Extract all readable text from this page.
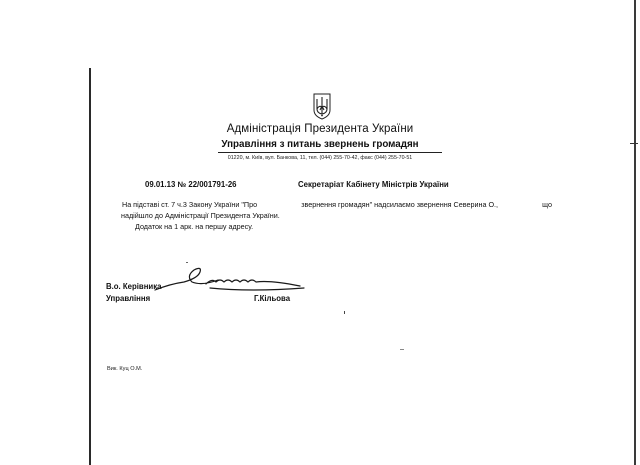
Адміністрація Президента України
Управління з питань звернень громадян
01220, м. Київ, вул. Банкова, 11, тел. (044) 255-70-42, факс (044) 255-70-51
09.01.13 № 22/001791-26	Секретаріат Кабінету Міністрів України
На підставі ст. 7 ч.3 Закону України "Про	звернення громадян" надсилаємо звернення Северина О.,	що
надійшло до Адміністрації Президента України.
Додаток на 1 арк. на першу адресу.
В.о. Керівника
Управління	Г.Кільова
Вик. Куц О.М.
